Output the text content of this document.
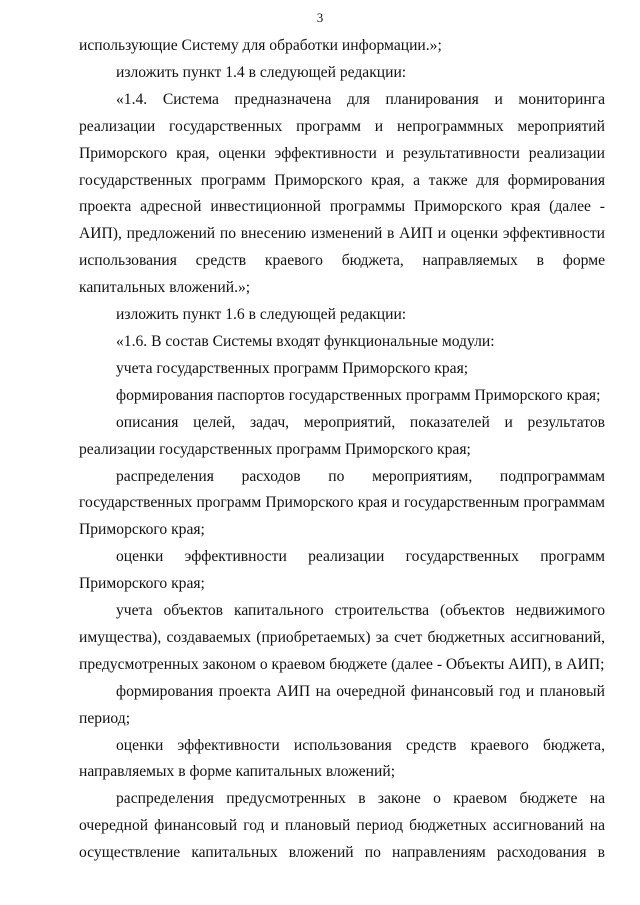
3

использующие Систему для обработки информации.»;

изложить пункт 1.4 в следующей редакции:

«1.4. Система предназначена для планирования и мониторинга реализации государственных программ и непрограммных мероприятий Приморского края, оценки эффективности и результативности реализации государственных программ Приморского края, а также для формирования проекта адресной инвестиционной программы Приморского края (далее - АИП), предложений по внесению изменений в АИП и оценки эффективности использования средств краевого бюджета, направляемых в форме капитальных вложений.»;

изложить пункт 1.6 в следующей редакции:

«1.6. В состав Системы входят функциональные модули:

учета государственных программ Приморского края;

формирования паспортов государственных программ Приморского края;

описания целей, задач, мероприятий, показателей и результатов реализации государственных программ Приморского края;

распределения расходов по мероприятиям, подпрограммам государственных программ Приморского края и государственным программам Приморского края;

оценки эффективности реализации государственных программ Приморского края;

учета объектов капитального строительства (объектов недвижимого имущества), создаваемых (приобретаемых) за счет бюджетных ассигнований, предусмотренных законом о краевом бюджете (далее - Объекты АИП), в АИП;

формирования проекта АИП на очередной финансовый год и плановый период;

оценки эффективности использования средств краевого бюджета, направляемых в форме капитальных вложений;

распределения предусмотренных в законе о краевом бюджете на очередной финансовый год и плановый период бюджетных ассигнований на осуществление капитальных вложений по направлениям расходования в
